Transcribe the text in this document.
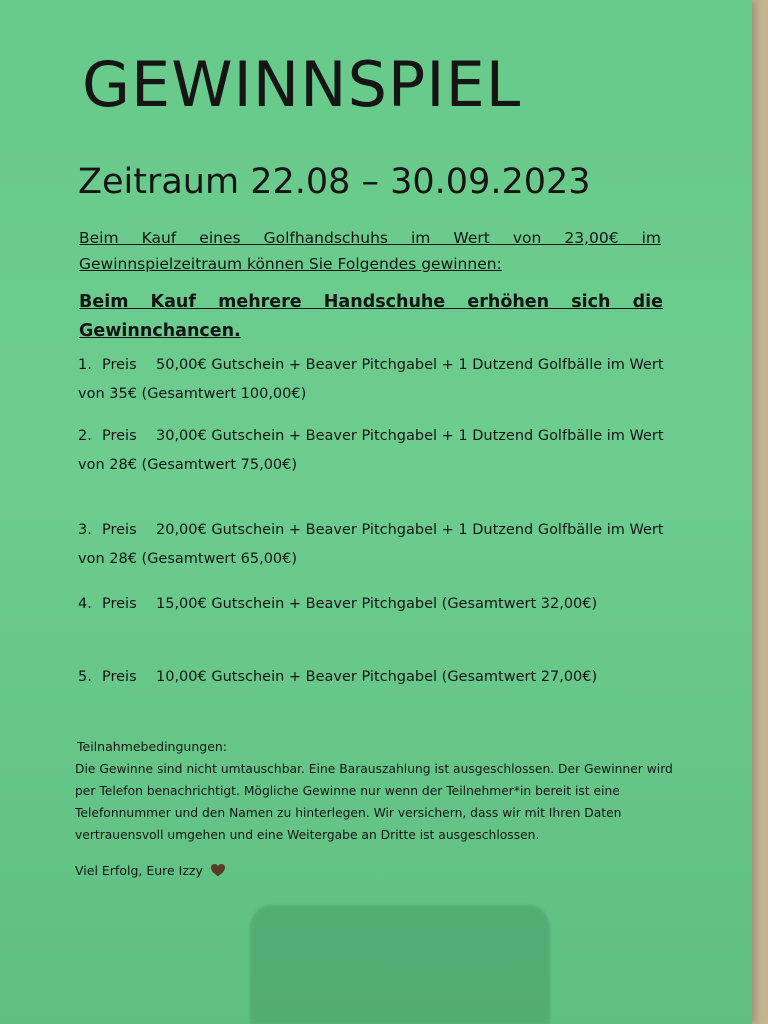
GEWINNSPIEL
Zeitraum 22.08 – 30.09.2023
Beim Kauf eines Golfhandschuhs im Wert von 23,00€ im Gewinnspielzeitraum können Sie Folgendes gewinnen:
Beim Kauf mehrere Handschuhe erhöhen sich die Gewinnchancen.
1. Preis 50,00€ Gutschein + Beaver Pitchgabel + 1 Dutzend Golfbälle im Wert von 35€ (Gesamtwert 100,00€)
2. Preis 30,00€ Gutschein + Beaver Pitchgabel + 1 Dutzend Golfbälle im Wert von 28€ (Gesamtwert 75,00€)
3. Preis 20,00€ Gutschein + Beaver Pitchgabel + 1 Dutzend Golfbälle im Wert von 28€ (Gesamtwert 65,00€)
4. Preis 15,00€ Gutschein + Beaver Pitchgabel (Gesamtwert 32,00€)
5. Preis 10,00€ Gutschein + Beaver Pitchgabel (Gesamtwert 27,00€)
Teilnahmebedingungen:
Die Gewinne sind nicht umtauschbar. Eine Barauszahlung ist ausgeschlossen. Der Gewinner wird per Telefon benachrichtigt. Mögliche Gewinne nur wenn der Teilnehmer*in bereit ist eine Telefonnummer und den Namen zu hinterlegen. Wir versichern, dass wir mit Ihren Daten vertrauensvoll umgehen und eine Weitergabe an Dritte ist ausgeschlossen.
Viel Erfolg, Eure Izzy
